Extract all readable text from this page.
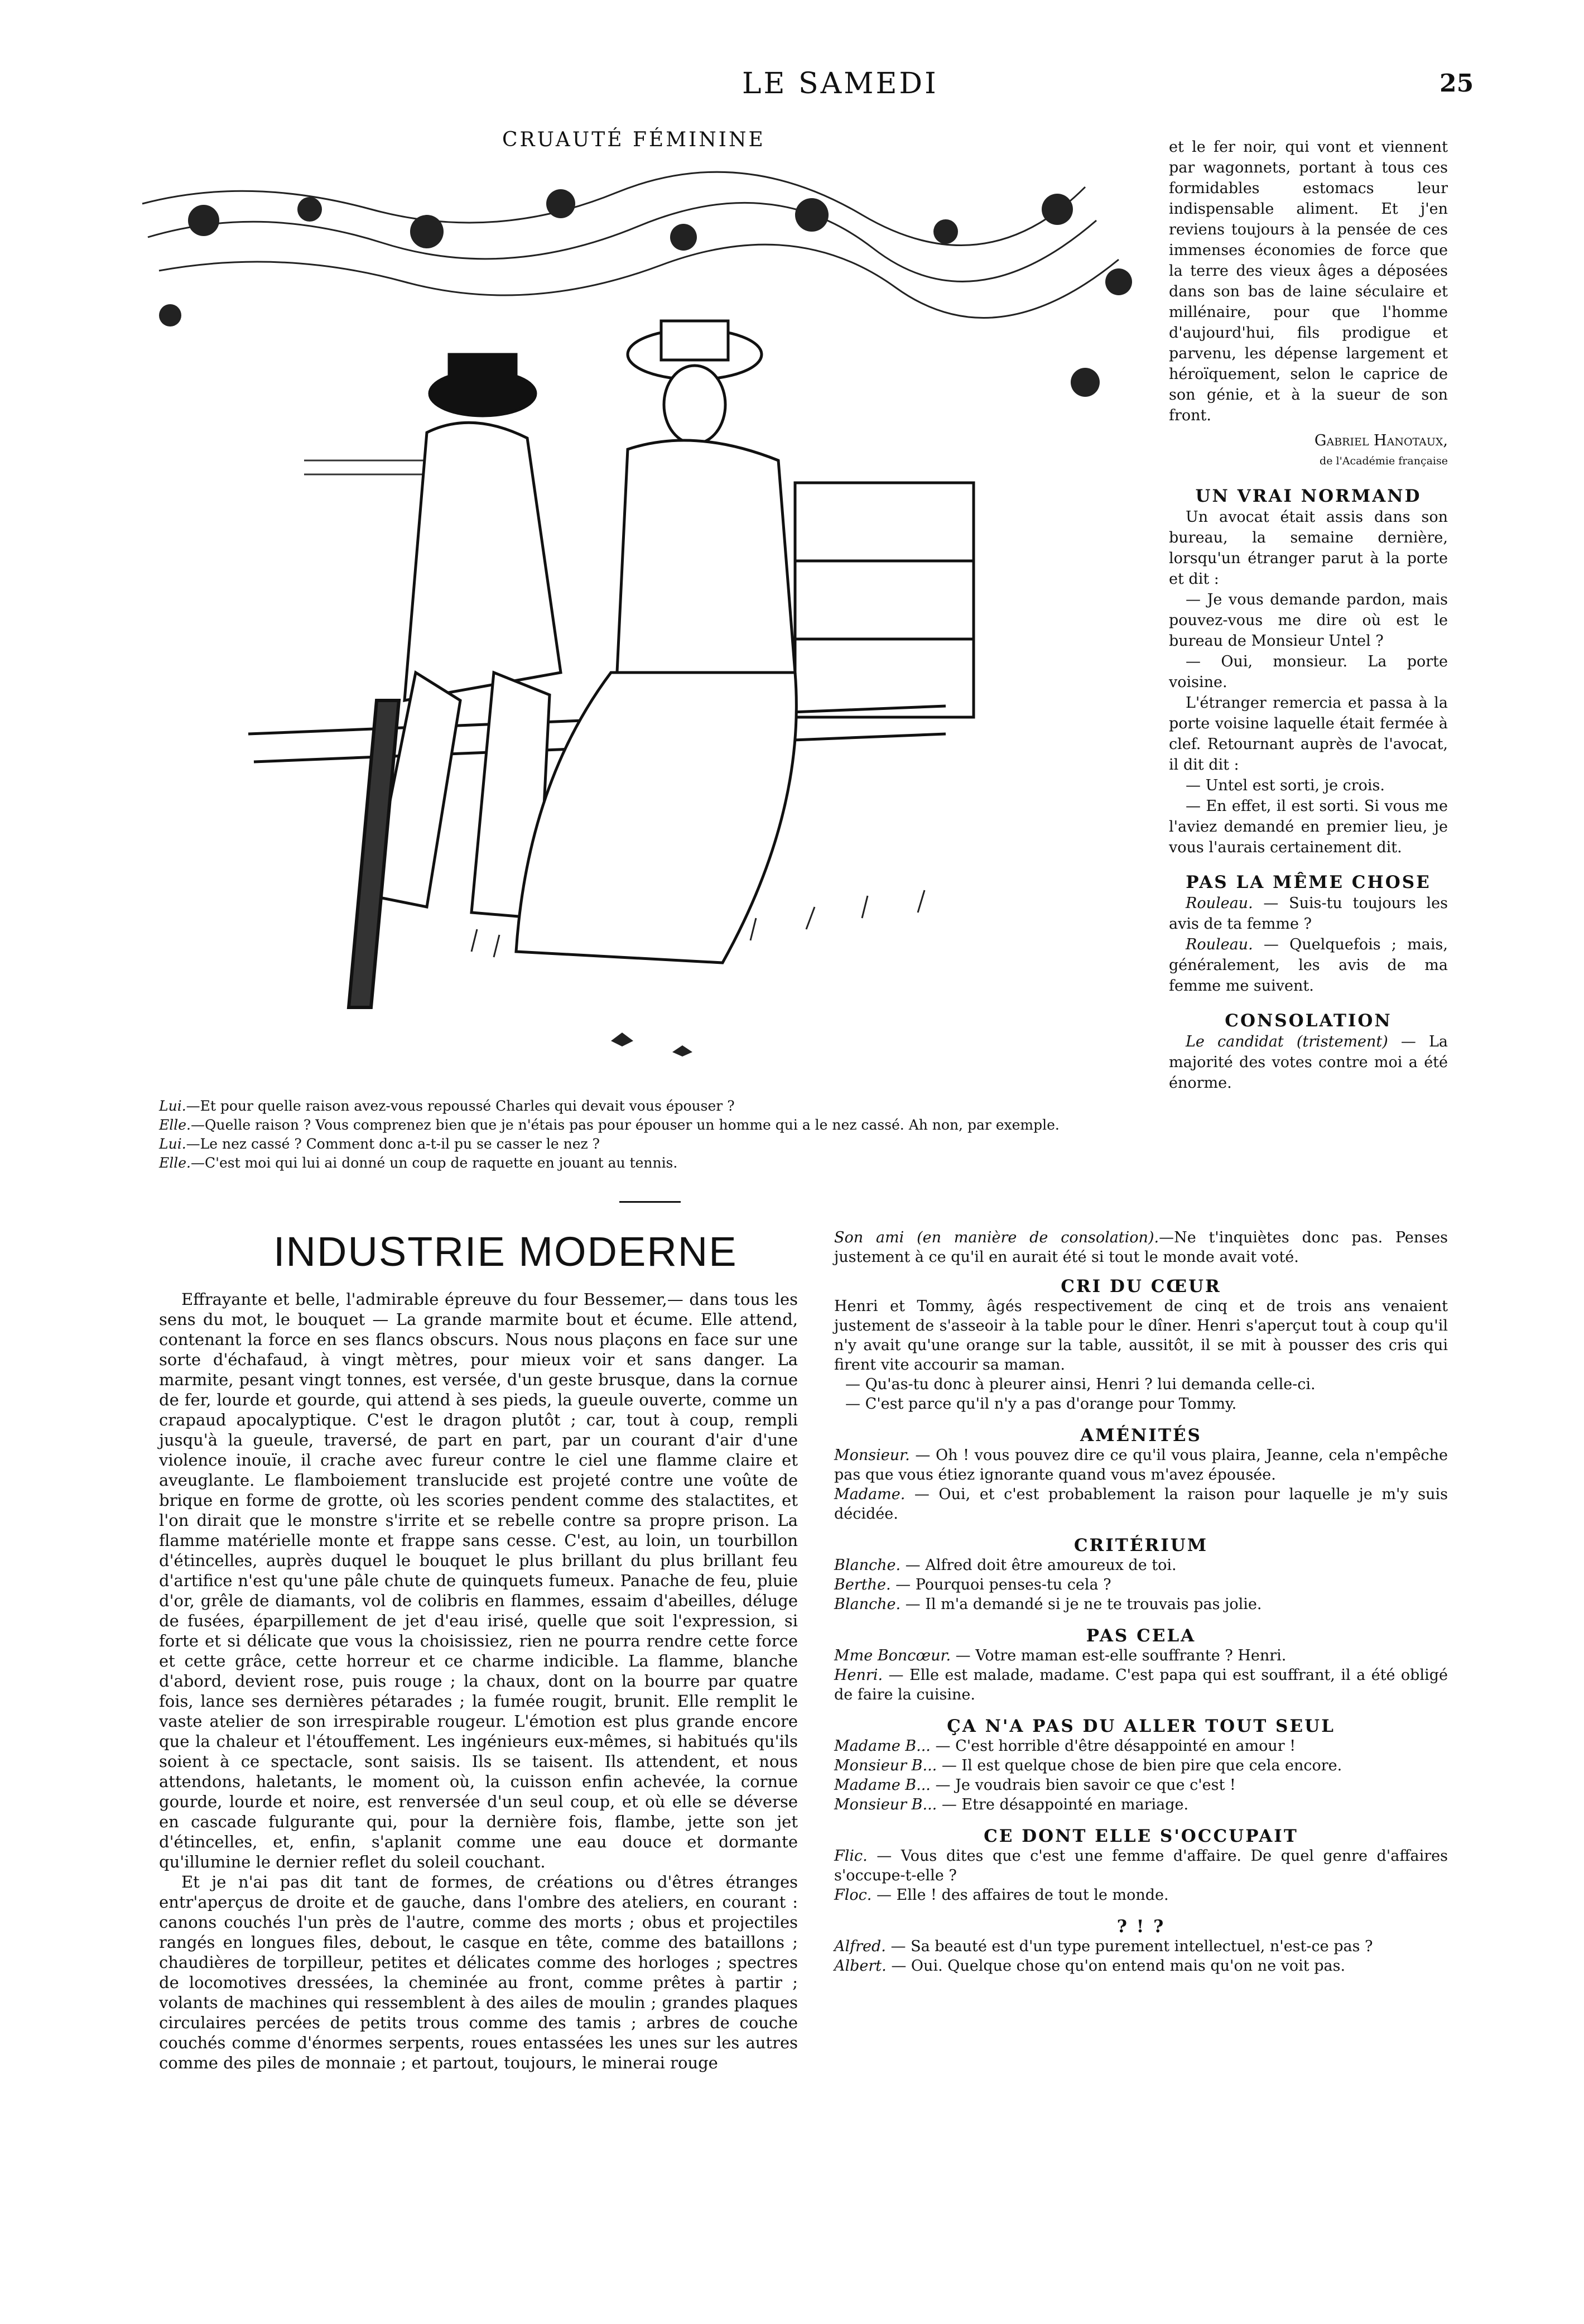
LE SAMEDI	25
CRUAUTÉ FÉMININE

Lui.—Et pour quelle raison avez-vous repoussé Charles qui devait vous épouser ?

Elle.—Quelle raison ? Vous comprenez bien que je n'étais pas pour épouser un homme qui a le nez cassé. Ah non, par exemple.

Lui.—Le nez cassé ? Comment donc a-t-il pu se casser le nez ?

Elle.—C'est moi qui lui ai donné un coup de raquette en jouant au tennis.

INDUSTRIE MODERNE

Effrayante et belle, l'admirable épreuve du four Bessemer,— dans tous les sens du mot, le bouquet — La grande marmite bout et écume. Elle attend, contenant la force en ses flancs obscurs. Nous nous plaçons en face sur une sorte d'échafaud, à vingt mètres, pour mieux voir et sans danger. La marmite, pesant vingt tonnes, est versée, d'un geste brusque, dans la cornue de fer, lourde et gourde, qui attend à ses pieds, la gueule ouverte, comme un crapaud apocalyptique. C'est le dragon plutôt ; car, tout à coup, rempli jusqu'à la gueule, traversé, de part en part, par un courant d'air d'une violence inouïe, il crache avec fureur contre le ciel une flamme claire et aveuglante. Le flamboiement translucide est projeté contre une voûte de brique en forme de grotte, où les scories pendent comme des stalactites, et l'on dirait que le monstre s'irrite et se rebelle contre sa propre prison. La flamme matérielle monte et frappe sans cesse. C'est, au loin, un tourbillon d'étincelles, auprès duquel le bouquet le plus brillant du plus brillant feu d'artifice n'est qu'une pâle chute de quinquets fumeux. Panache de feu, pluie d'or, grêle de diamants, vol de colibris en flammes, essaim d'abeilles, déluge de fusées, éparpillement de jet d'eau irisé, quelle que soit l'expression, si forte et si délicate que vous la choisissiez, rien ne pourra rendre cette force et cette grâce, cette horreur et ce charme indicible. La flamme, blanche d'abord, devient rose, puis rouge ; la chaux, dont on la bourre par quatre fois, lance ses dernières pétarades ; la fumée rougit, brunit. Elle remplit le vaste atelier de son irrespirable rougeur. L'émotion est plus grande encore que la chaleur et l'étouffement. Les ingénieurs eux-mêmes, si habitués qu'ils soient à ce spectacle, sont saisis. Ils se taisent. Ils attendent, et nous attendons, haletants, le moment où, la cuisson enfin achevée, la cornue gourde, lourde et noire, est renversée d'un seul coup, et où elle se déverse en cascade fulgurante qui, pour la dernière fois, flambe, jette son jet d'étincelles, et, enfin, s'aplanit comme une eau douce et dormante qu'illumine le dernier reflet du soleil couchant.

Et je n'ai pas dit tant de formes, de créations ou d'êtres étranges entr'aperçus de droite et de gauche, dans l'ombre des ateliers, en courant : canons couchés l'un près de l'autre, comme des morts ; obus et projectiles rangés en longues files, debout, le casque en tête, comme des bataillons ; chaudières de torpilleur, petites et délicates comme des horloges ; spectres de locomotives dressées, la cheminée au front, comme prêtes à partir ; volants de machines qui ressemblent à des ailes de moulin ; grandes plaques circulaires percées de petits trous comme des tamis ; arbres de couche couchés comme d'énormes serpents, roues entassées les unes sur les autres comme des piles de monnaie ; et partout, toujours, le minerai rouge

et le fer noir, qui vont et viennent par wagonnets, portant à tous ces formidables estomacs leur indispensable aliment. Et j'en reviens toujours à la pensée de ces immenses économies de force que la terre des vieux âges a déposées dans son bas de laine séculaire et millénaire, pour que l'homme d'aujourd'hui, fils prodigue et parvenu, les dépense largement et héroïquement, selon le caprice de son génie, et à la sueur de son front.

Gabriel Hanotaux,
de l'Académie française
UN VRAI NORMAND

Un avocat était assis dans son bureau, la semaine dernière, lorsqu'un étranger parut à la porte et dit :

— Je vous demande pardon, mais pouvez-vous me dire où est le bureau de Monsieur Untel ?

— Oui, monsieur. La porte voisine.

L'étranger remercia et passa à la porte voisine laquelle était fermée à clef. Retournant auprès de l'avocat, il dit dit :

— Untel est sorti, je crois.

— En effet, il est sorti. Si vous me l'aviez demandé en premier lieu, je vous l'aurais certainement dit.

PAS LA MÊME CHOSE

Rouleau. — Suis-tu toujours les avis de ta femme ?

Rouleau. — Quelquefois ; mais, généralement, les avis de ma femme me suivent.

CONSOLATION

Le candidat (tristement) — La majorité des votes contre moi a été énorme.

Son ami (en manière de consolation).—Ne t'inquiètes donc pas. Penses justement à ce qu'il en aurait été si tout le monde avait voté.

CRI DU CŒUR

Henri et Tommy, âgés respectivement de cinq et de trois ans venaient justement de s'asseoir à la table pour le dîner. Henri s'aperçut tout à coup qu'il n'y avait qu'une orange sur la table, aussitôt, il se mit à pousser des cris qui firent vite accourir sa maman.

— Qu'as-tu donc à pleurer ainsi, Henri ? lui demanda celle-ci.

— C'est parce qu'il n'y a pas d'orange pour Tommy.

AMÉNITÉS

Monsieur. — Oh ! vous pouvez dire ce qu'il vous plaira, Jeanne, cela n'empêche pas que vous étiez ignorante quand vous m'avez épousée.

Madame. — Oui, et c'est probablement la raison pour laquelle je m'y suis décidée.

CRITÉRIUM

Blanche. — Alfred doit être amoureux de toi.

Berthe. — Pourquoi penses-tu cela ?

Blanche. — Il m'a demandé si je ne te trouvais pas jolie.

PAS CELA

Mme Boncœur. — Votre maman est-elle souffrante ? Henri.

Henri. — Elle est malade, madame. C'est papa qui est souffrant, il a été obligé de faire la cuisine.

ÇA N'A PAS DU ALLER TOUT SEUL

Madame B... — C'est horrible d'être désappointé en amour !

Monsieur B... — Il est quelque chose de bien pire que cela encore.

Madame B... — Je voudrais bien savoir ce que c'est !

Monsieur B... — Etre désappointé en mariage.

CE DONT ELLE S'OCCUPAIT

Flic. — Vous dites que c'est une femme d'affaire. De quel genre d'affaires s'occupe-t-elle ?

Floc. — Elle ! des affaires de tout le monde.

? ! ?

Alfred. — Sa beauté est d'un type purement intellectuel, n'est-ce pas ?

Albert. — Oui. Quelque chose qu'on entend mais qu'on ne voit pas.
